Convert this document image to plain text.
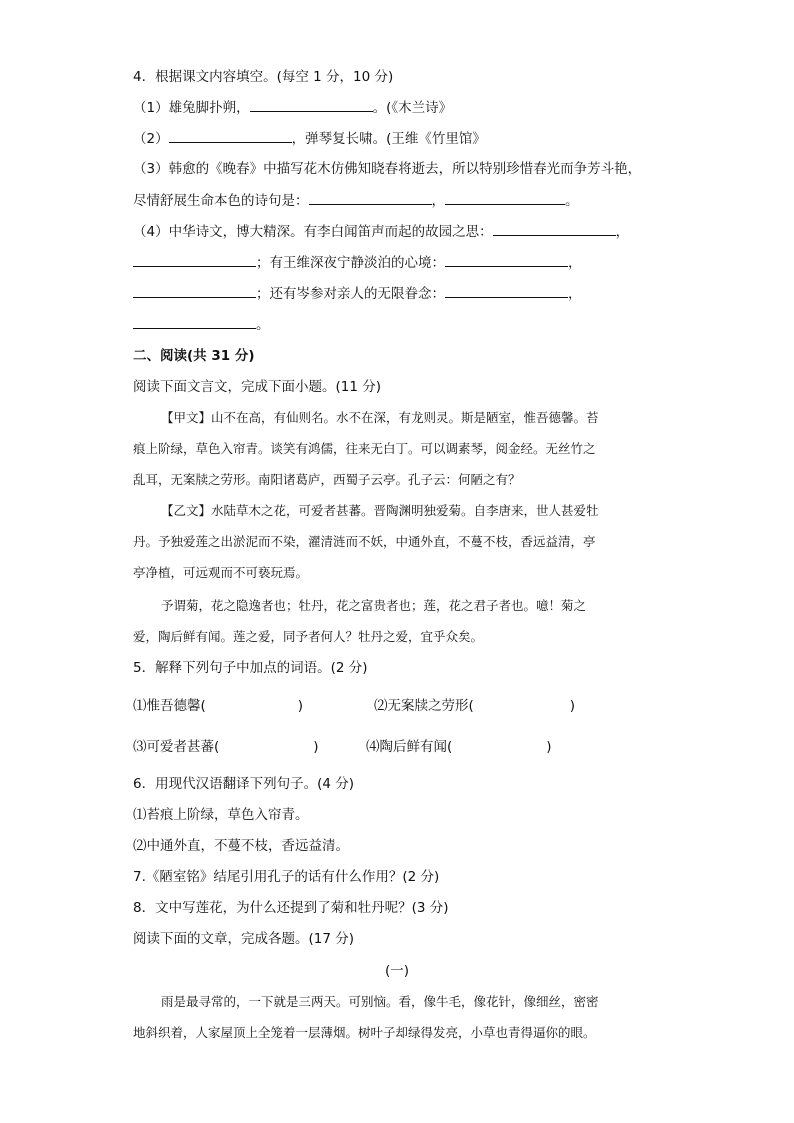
4．根据课文内容填空。(每空 1 分，10 分)
（1）雄兔脚扑朔，	。(《木兰诗》
（2）	，弹琴复长啸。(王维《竹里馆》
（3）韩愈的《晚春》中描写花木仿佛知晓春将逝去，所以特别珍惜春光而争芳斗艳，
尽情舒展生命本色的诗句是：	，	。
（4）中华诗文，博大精深。有李白闻笛声而起的故园之思：	，
；有王维深夜宁静淡泊的心境：	，
；还有岑参对亲人的无限眷念：	，
。
二、阅读(共 31 分)
阅读下面文言文，完成下面小题。(11 分)
【甲文】山不在高，有仙则名。水不在深，有龙则灵。斯是陋室，惟吾德馨。苔
痕上阶绿，草色入帘青。谈笑有鸿儒，往来无白丁。可以调素琴，阅金经。无丝竹之
乱耳，无案牍之劳形。南阳诸葛庐，西蜀子云亭。孔子云：何陋之有？
【乙文】水陆草木之花，可爱者甚蕃。晋陶渊明独爱菊。自李唐来，世人甚爱牡
丹。予独爱莲之出淤泥而不染，濯清涟而不妖，中通外直，不蔓不枝，香远益清，亭
亭净植，可远观而不可亵玩焉。
予谓菊，花之隐逸者也；牡丹，花之富贵者也；莲，花之君子者也。噫！菊之
爱，陶后鲜有闻。莲之爱，同予者何人？牡丹之爱，宜乎众矣。
5．解释下列句子中加点的词语。(2 分)
⑴惟吾德馨(	)	⑵无案牍之劳形(	)
⑶可爱者甚蕃(	)	⑷陶后鲜有闻(	)
6．用现代汉语翻译下列句子。(4 分)
⑴苔痕上阶绿，草色入帘青。
⑵中通外直，不蔓不枝，香远益清。
7.《陋室铭》结尾引用孔子的话有什么作用？(2 分)
8．文中写莲花，为什么还提到了菊和牡丹呢？(3 分)
阅读下面的文章，完成各题。(17 分)
(一)
雨是最寻常的，一下就是三两天。可别恼。看，像牛毛，像花针，像细丝，密密
地斜织着，人家屋顶上全笼着一层薄烟。树叶子却绿得发亮，小草也青得逼你的眼。
